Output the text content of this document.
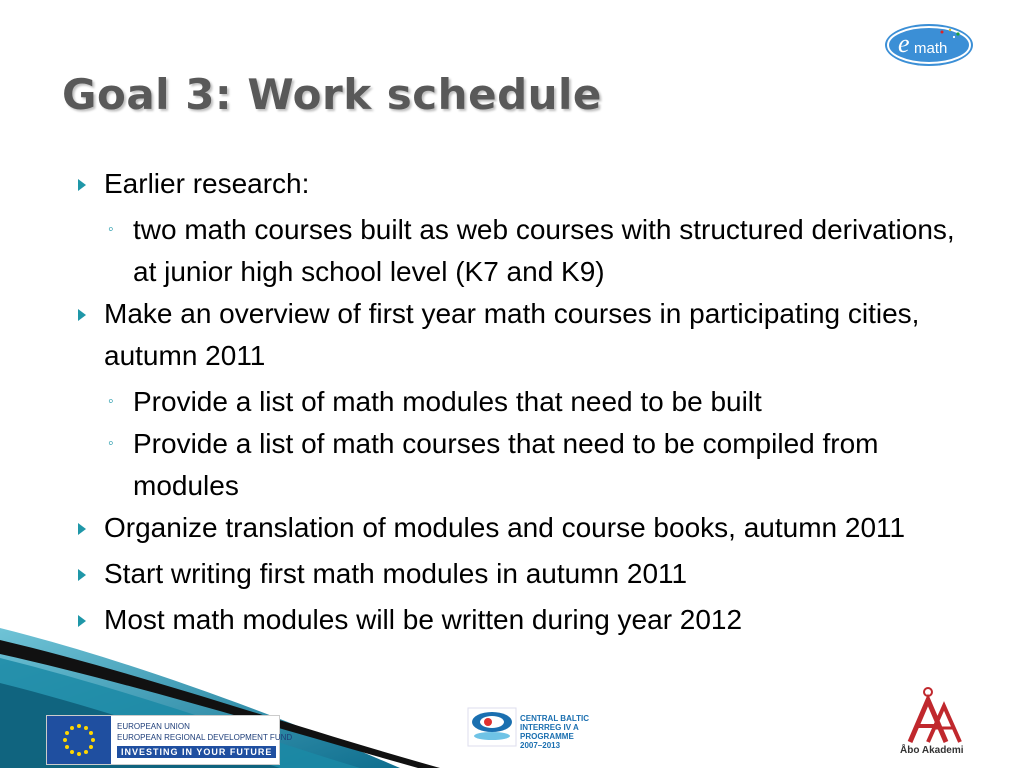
Goal 3: Work schedule
e math
Earlier research:
◦ two math courses built as web courses with structured derivations, at junior high school level (K7 and K9)
Make an overview of first year math courses in participating cities, autumn 2011
◦ Provide a list of math modules that need to be built
◦ Provide a list of math courses that need to be compiled from modules
Organize translation of modules and course books, autumn 2011
Start writing first math modules in autumn 2011
Most math modules will be written during year 2012
EUROPEAN UNION
EUROPEAN REGIONAL DEVELOPMENT FUND
INVESTING IN YOUR FUTURE
CENTRAL BALTIC
INTERREG IV A
PROGRAMME
2007–2013	Åbo Akademi
